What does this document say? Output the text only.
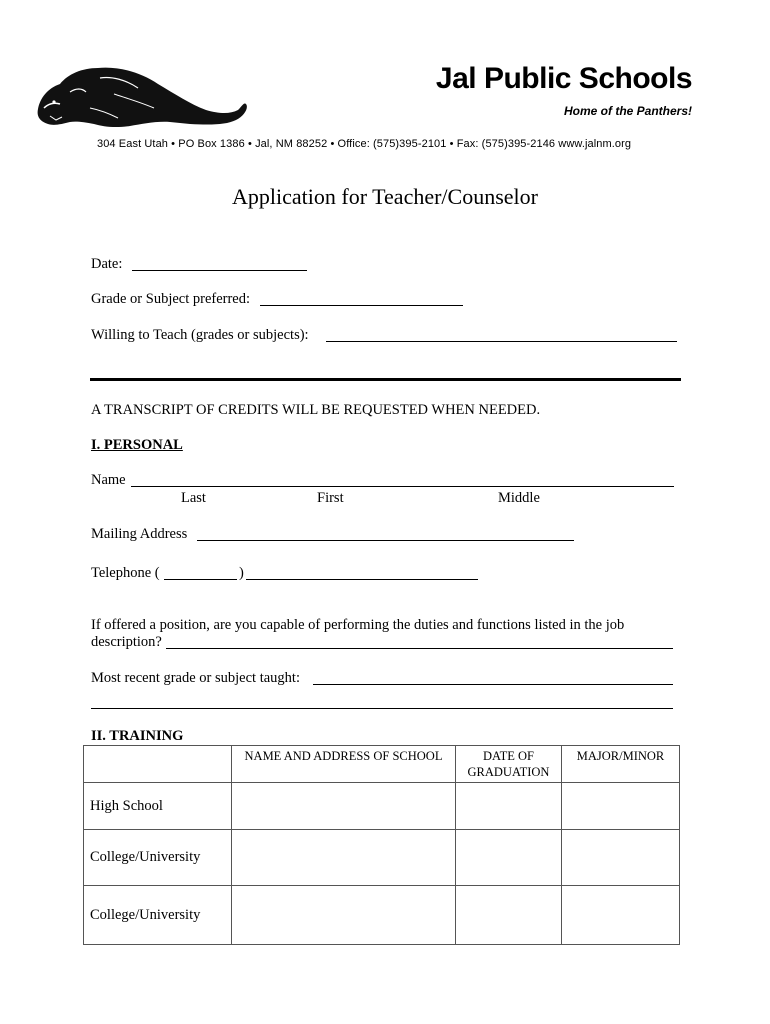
Jal Public Schools
Home of the Panthers!
304 East Utah • PO Box 1386 • Jal, NM 88252 • Office: (575)395-2101 • Fax: (575)395-2146 www.jalnm.org
Application for Teacher/Counselor
Date:
Grade or Subject preferred:
Willing to Teach (grades or subjects):
A TRANSCRIPT OF CREDITS WILL BE REQUESTED WHEN NEEDED.
I. PERSONAL
Name
Last	First	Middle
Mailing Address
Telephone (	)
If offered a position, are you capable of performing the duties and functions listed in the job
description?
Most recent grade or subject taught:
II. TRAINING
	NAME AND ADDRESS OF SCHOOL	DATE OF GRADUATION	MAJOR/MINOR
High School			
College/University			
College/University			
